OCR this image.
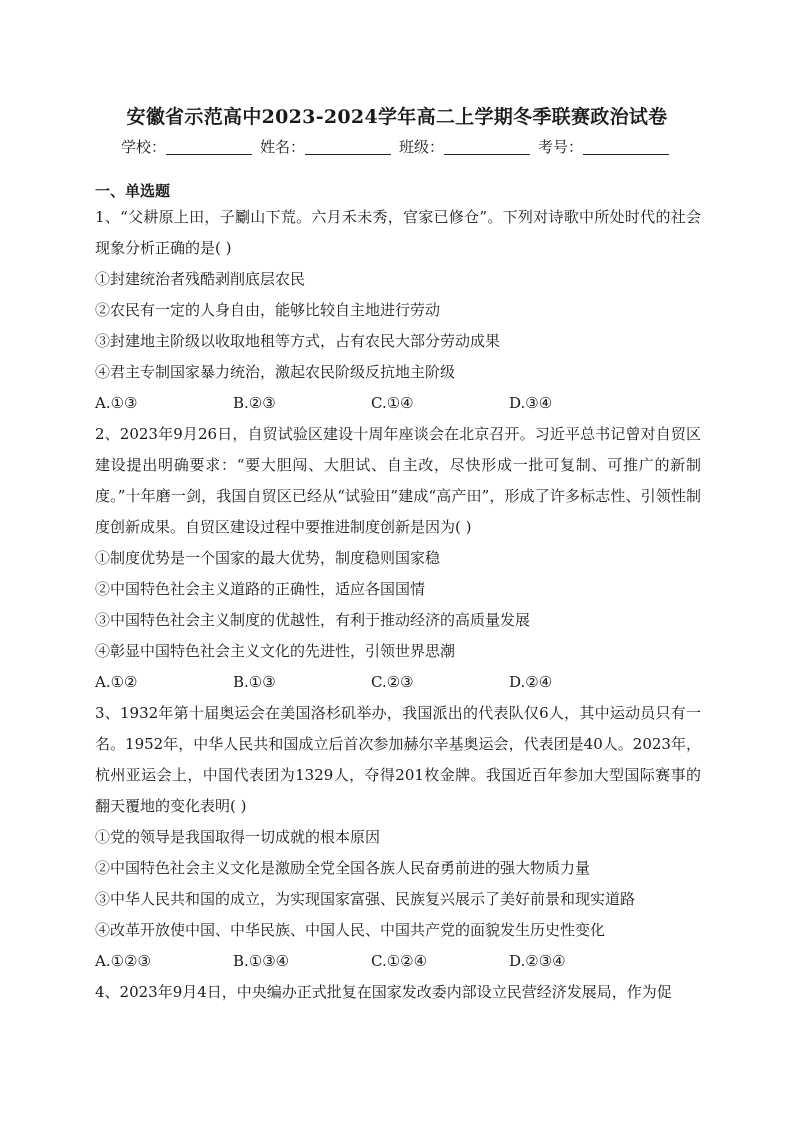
安徽省示范高中2023-2024学年高二上学期冬季联赛政治试卷
学校：	姓名：	班级：	考号：
一、单选题
1、“父耕原上田，子劚山下荒。六月禾未秀，官家已修仓”。下列对诗歌中所处时代的社会现象分析正确的是( )
①封建统治者残酷剥削底层农民
②农民有一定的人身自由，能够比较自主地进行劳动
③封建地主阶级以收取地租等方式，占有农民大部分劳动成果
④君主专制国家暴力统治，激起农民阶级反抗地主阶级
A.①③	B.②③	C.①④	D.③④
2、2023年9月26日，自贸试验区建设十周年座谈会在北京召开。习近平总书记曾对自贸区建设提出明确要求：“要大胆闯、大胆试、自主改，尽快形成一批可复制、可推广的新制度。”十年磨一剑，我国自贸区已经从“试验田”建成“高产田”，形成了许多标志性、引领性制度创新成果。自贸区建设过程中要推进制度创新是因为( )
①制度优势是一个国家的最大优势，制度稳则国家稳
②中国特色社会主义道路的正确性，适应各国国情
③中国特色社会主义制度的优越性，有利于推动经济的高质量发展
④彰显中国特色社会主义文化的先进性，引领世界思潮
A.①②	B.①③	C.②③	D.②④
3、1932年第十届奥运会在美国洛杉矶举办，我国派出的代表队仅6人，其中运动员只有一名。1952年，中华人民共和国成立后首次参加赫尔辛基奥运会，代表团是40人。2023年，杭州亚运会上，中国代表团为1329人，夺得201枚金牌。我国近百年参加大型国际赛事的翻天覆地的变化表明( )
①党的领导是我国取得一切成就的根本原因
②中国特色社会主义文化是激励全党全国各族人民奋勇前进的强大物质力量
③中华人民共和国的成立，为实现国家富强、民族复兴展示了美好前景和现实道路
④改革开放使中国、中华民族、中国人民、中国共产党的面貌发生历史性变化
A.①②③	B.①③④	C.①②④	D.②③④
4、2023年9月4日，中央编办正式批复在国家发改委内部设立民营经济发展局，作为促
